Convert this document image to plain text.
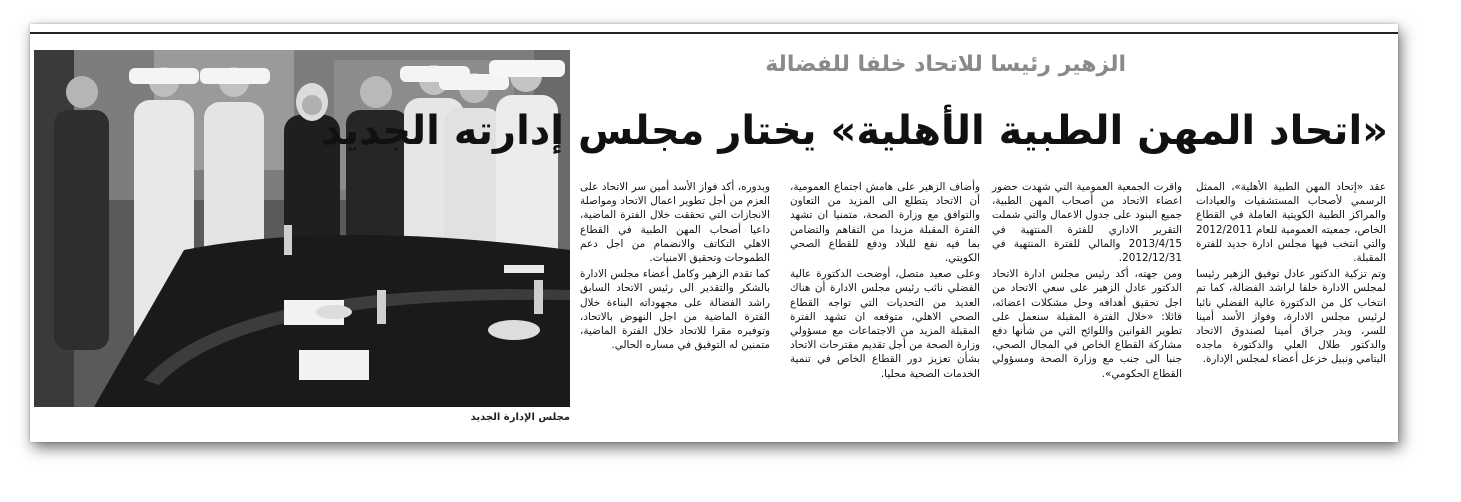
مجلس الإدارة الجديد
الزهير رئيسا للاتحاد خلفا للفضالة
«اتحاد المهن الطبية الأهلية» يختار مجلس إدارته الجديد

عقد «إتحاد المهن الطبية الأهلية»، الممثل الرسمي لأصحاب المستشفيات والعيادات والمراكز الطبية الكويتية العاملة في القطاع الخاص، جمعيته العمومية للعام 2012/2011 والتي انتخب فيها مجلس ادارة جديد للفترة المقبلة.

وتم تزكية الدكتور عادل توفيق الزهير رئيسا لمجلس الادارة خلفا لراشد الفضالة، كما تم انتخاب كل من الدكتورة عالية الفضلي نائبا لرئيس مجلس الادارة، وفواز الأسد أمينا للسر، وبدر جراق أمينا لصندوق الاتحاد والدكتور طلال العلي والدكتورة ماجده اليتامي ونبيل خزعل أعضاء لمجلس الإدارة.

واقرت الجمعية العمومية التي شهدت حضور اعضاء الاتحاد من أصحاب المهن الطبية، جميع البنود على جدول الاعمال والتي شملت التقرير الاداري للفترة المنتهية في 2013/4/15 والمالي للفترة المنتهية في 2012/12/31.

ومن جهته، أكد رئيس مجلس ادارة الاتحاد الدكتور عادل الزهير على سعي الاتحاد من اجل تحقيق أهدافه وحل مشكلات اعضائه، قائلا: «خلال الفترة المقبلة سنعمل على تطوير القوانين واللوائح التي من شأنها دفع مشاركة القطاع الخاص في المجال الصحي، جنبا الى جنب مع وزارة الصحة ومسؤولي القطاع الحكومي».

وأضاف الزهير على هامش اجتماع العمومية، أن الاتحاد يتطلع الى المزيد من التعاون والتوافق مع وزارة الصحة، متمنيا ان تشهد الفترة المقبلة مزيدا من التفاهم والتضامن بما فيه نفع للبلاد ودفع للقطاع الصحي الكويتي.

وعلى صعيد متصل، أوضحت الدكتورة عالية الفضلي نائب رئيس مجلس الادارة أن هناك العديد من التحديات التي تواجه القطاع الصحي الاهلي، متوقعه ان تشهد الفترة المقبلة المزيد من الاجتماعات مع مسؤولي وزارة الصحة من أجل تقديم مقترحات الاتحاد بشأن تعزيز دور القطاع الخاص في تنمية الخدمات الصحية محليا.

وبدوره، أكد فواز الأسد أمين سر الاتحاد على العزم من أجل تطوير اعمال الاتحاد ومواصلة الانجازات التي تحققت خلال الفترة الماضية، داعيا أصحاب المهن الطبية في القطاع الاهلي التكاتف والانضمام من اجل دعم الطموحات وتحقيق الامنيات.

كما تقدم الزهير وكامل أعضاء مجلس الادارة بالشكر والتقدير الى رئيس الاتحاد السابق راشد الفضالة على مجهوداته البناءة خلال الفترة الماضية من اجل النهوض بالاتحاد، وتوفيره مقرا للاتحاد خلال الفترة الماضية، متمنين له التوفيق في مساره الحالي.
